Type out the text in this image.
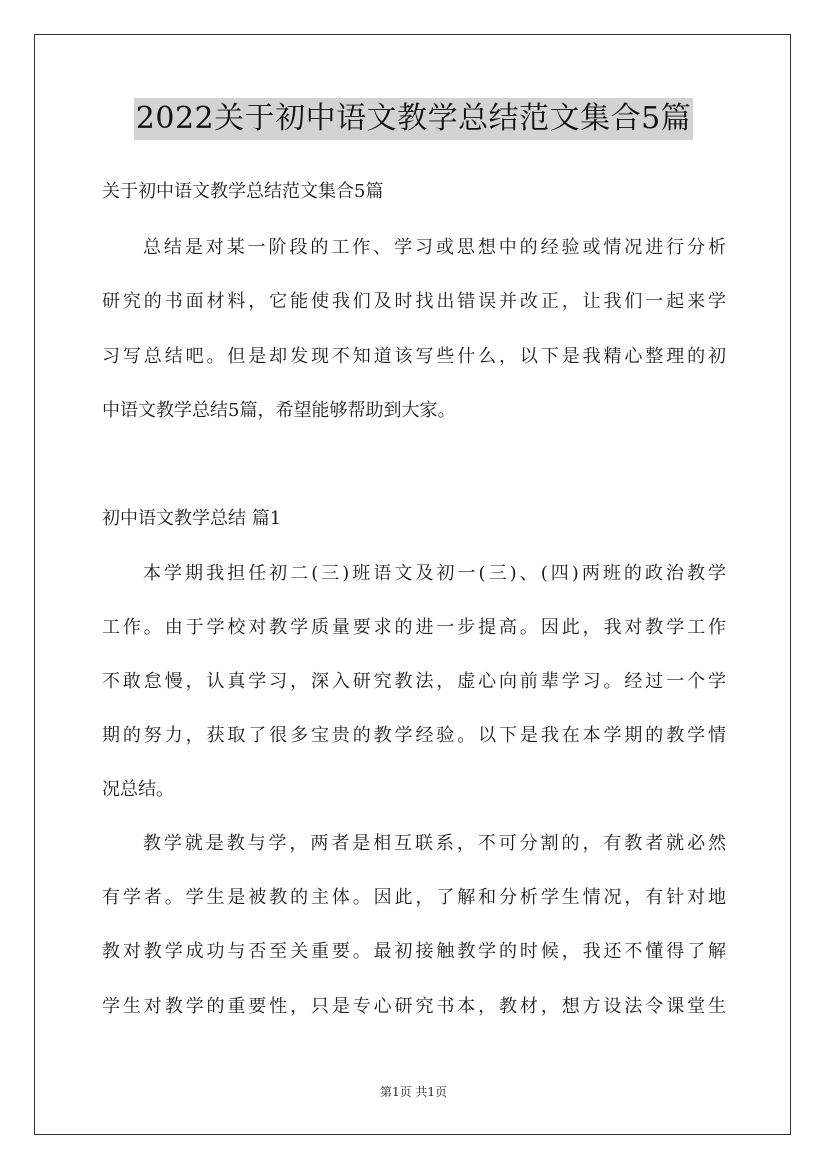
2022关于初中语文教学总结范文集合5篇
关于初中语文教学总结范文集合5篇
总结是对某一阶段的工作、学习或思想中的经验或情况进行分析
研究的书面材料，它能使我们及时找出错误并改正，让我们一起来学
习写总结吧。但是却发现不知道该写些什么，以下是我精心整理的初
中语文教学总结5篇，希望能够帮助到大家。
初中语文教学总结 篇1
本学期我担任初二(三)班语文及初一(三)、(四)两班的政治教学
工作。由于学校对教学质量要求的进一步提高。因此，我对教学工作
不敢怠慢，认真学习，深入研究教法，虚心向前辈学习。经过一个学
期的努力，获取了很多宝贵的教学经验。以下是我在本学期的教学情
况总结。
教学就是教与学，两者是相互联系，不可分割的，有教者就必然
有学者。学生是被教的主体。因此，了解和分析学生情况，有针对地
教对教学成功与否至关重要。最初接触教学的时候，我还不懂得了解
学生对教学的重要性，只是专心研究书本，教材，想方设法令课堂生
第1页 共1页
